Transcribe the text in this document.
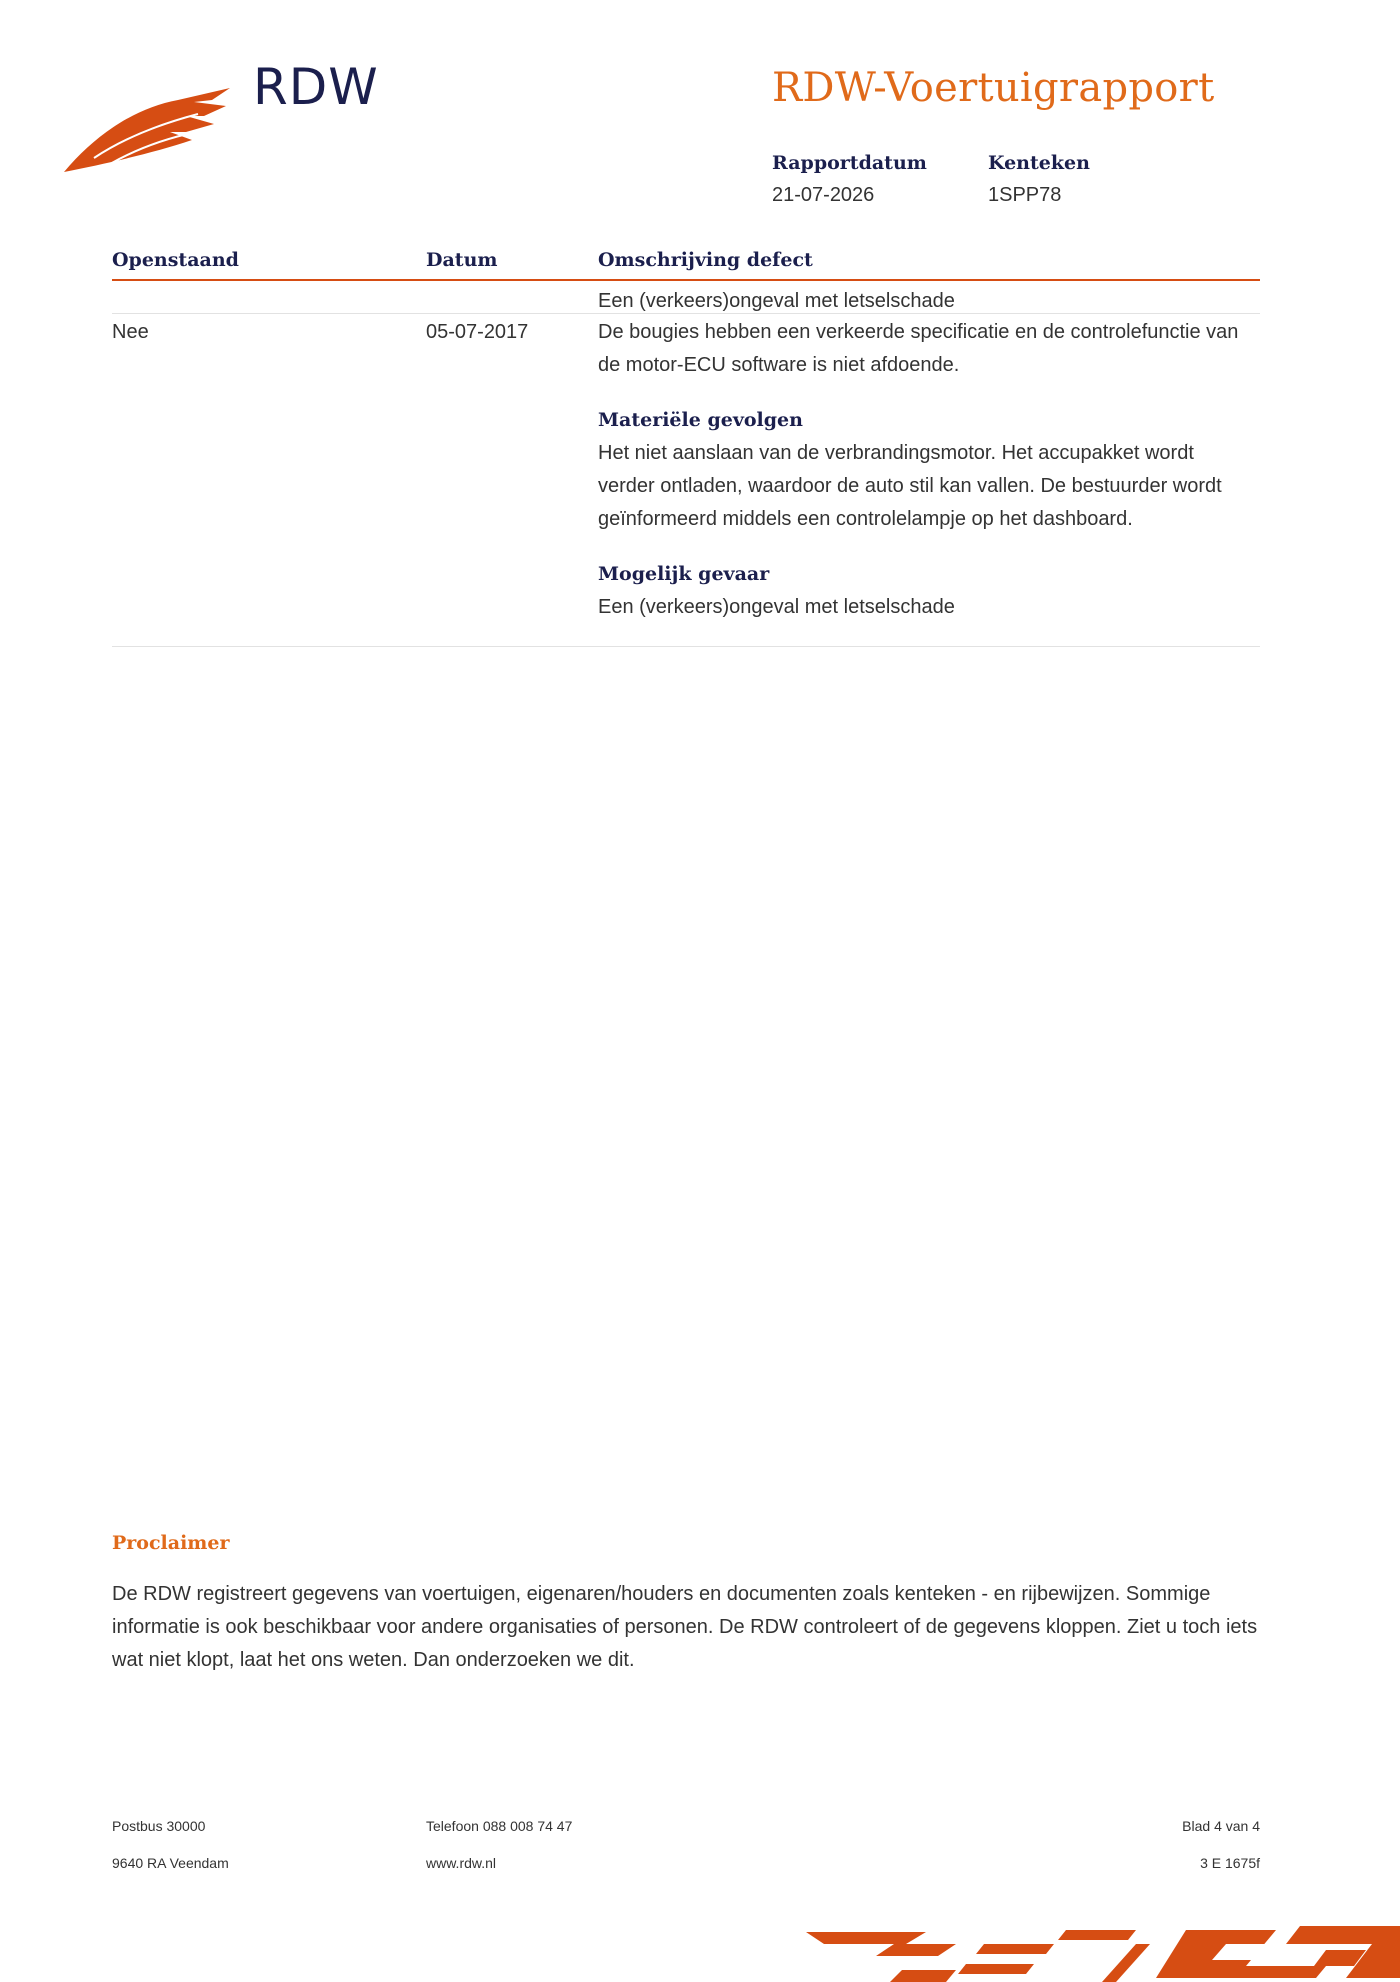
RDW	RDW-Voertuigrapport
Rapportdatum
21-07-2026
Kenteken
1SPP78
Openstaand	Datum	Omschrijving defect
Een (verkeers)ongeval met letselschade
Nee	05-07-2017	De bougies hebben een verkeerde specificatie en de controlefunctie van de motor-ECU software is niet afdoende.
Materiële gevolgen
Het niet aanslaan van de verbrandingsmotor. Het accupakket wordt verder ontladen, waardoor de auto stil kan vallen. De bestuurder wordt geïnformeerd middels een controlelampje op het dashboard.
Mogelijk gevaar
Een (verkeers)ongeval met letselschade
Proclaimer

De RDW registreert gegevens van voertuigen, eigenaren/houders en documenten zoals kenteken - en rijbewijzen. Sommige informatie is ook beschikbaar voor andere organisaties of personen. De RDW controleert of de gegevens kloppen. Ziet u toch iets wat niet klopt, laat het ons weten. Dan onderzoeken we dit.

Postbus 30000
9640 RA Veendam
Telefoon 088 008 74 47
www.rdw.nl
Blad 4 van 4
3 E 1675f
